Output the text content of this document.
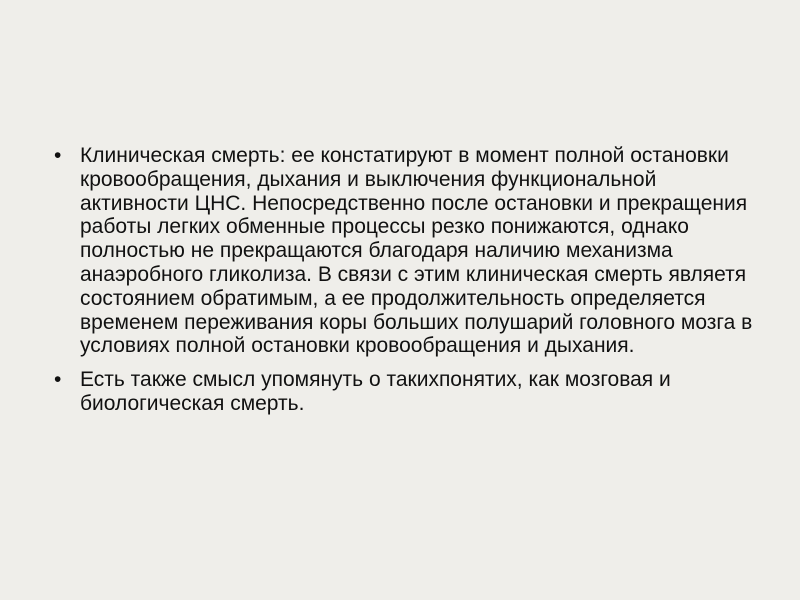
• Клиническая смерть: ее констатируют в момент полной остановки кровообращения, дыхания и выключения функциональной активности ЦНС. Непосредственно после остановки и прекращения работы легких обменные процессы резко понижаются, однако полностью не прекращаются благодаря наличию механизма анаэробного гликолиза. В связи с этим клиническая смерть являетя состоянием обратимым, а ее продолжительность определяется временем переживания коры больших полушарий головного мозга в условиях полной остановки кровообращения и дыхания.
• Есть также смысл упомянуть о такихпонятих, как мозговая и биологическая смерть.
